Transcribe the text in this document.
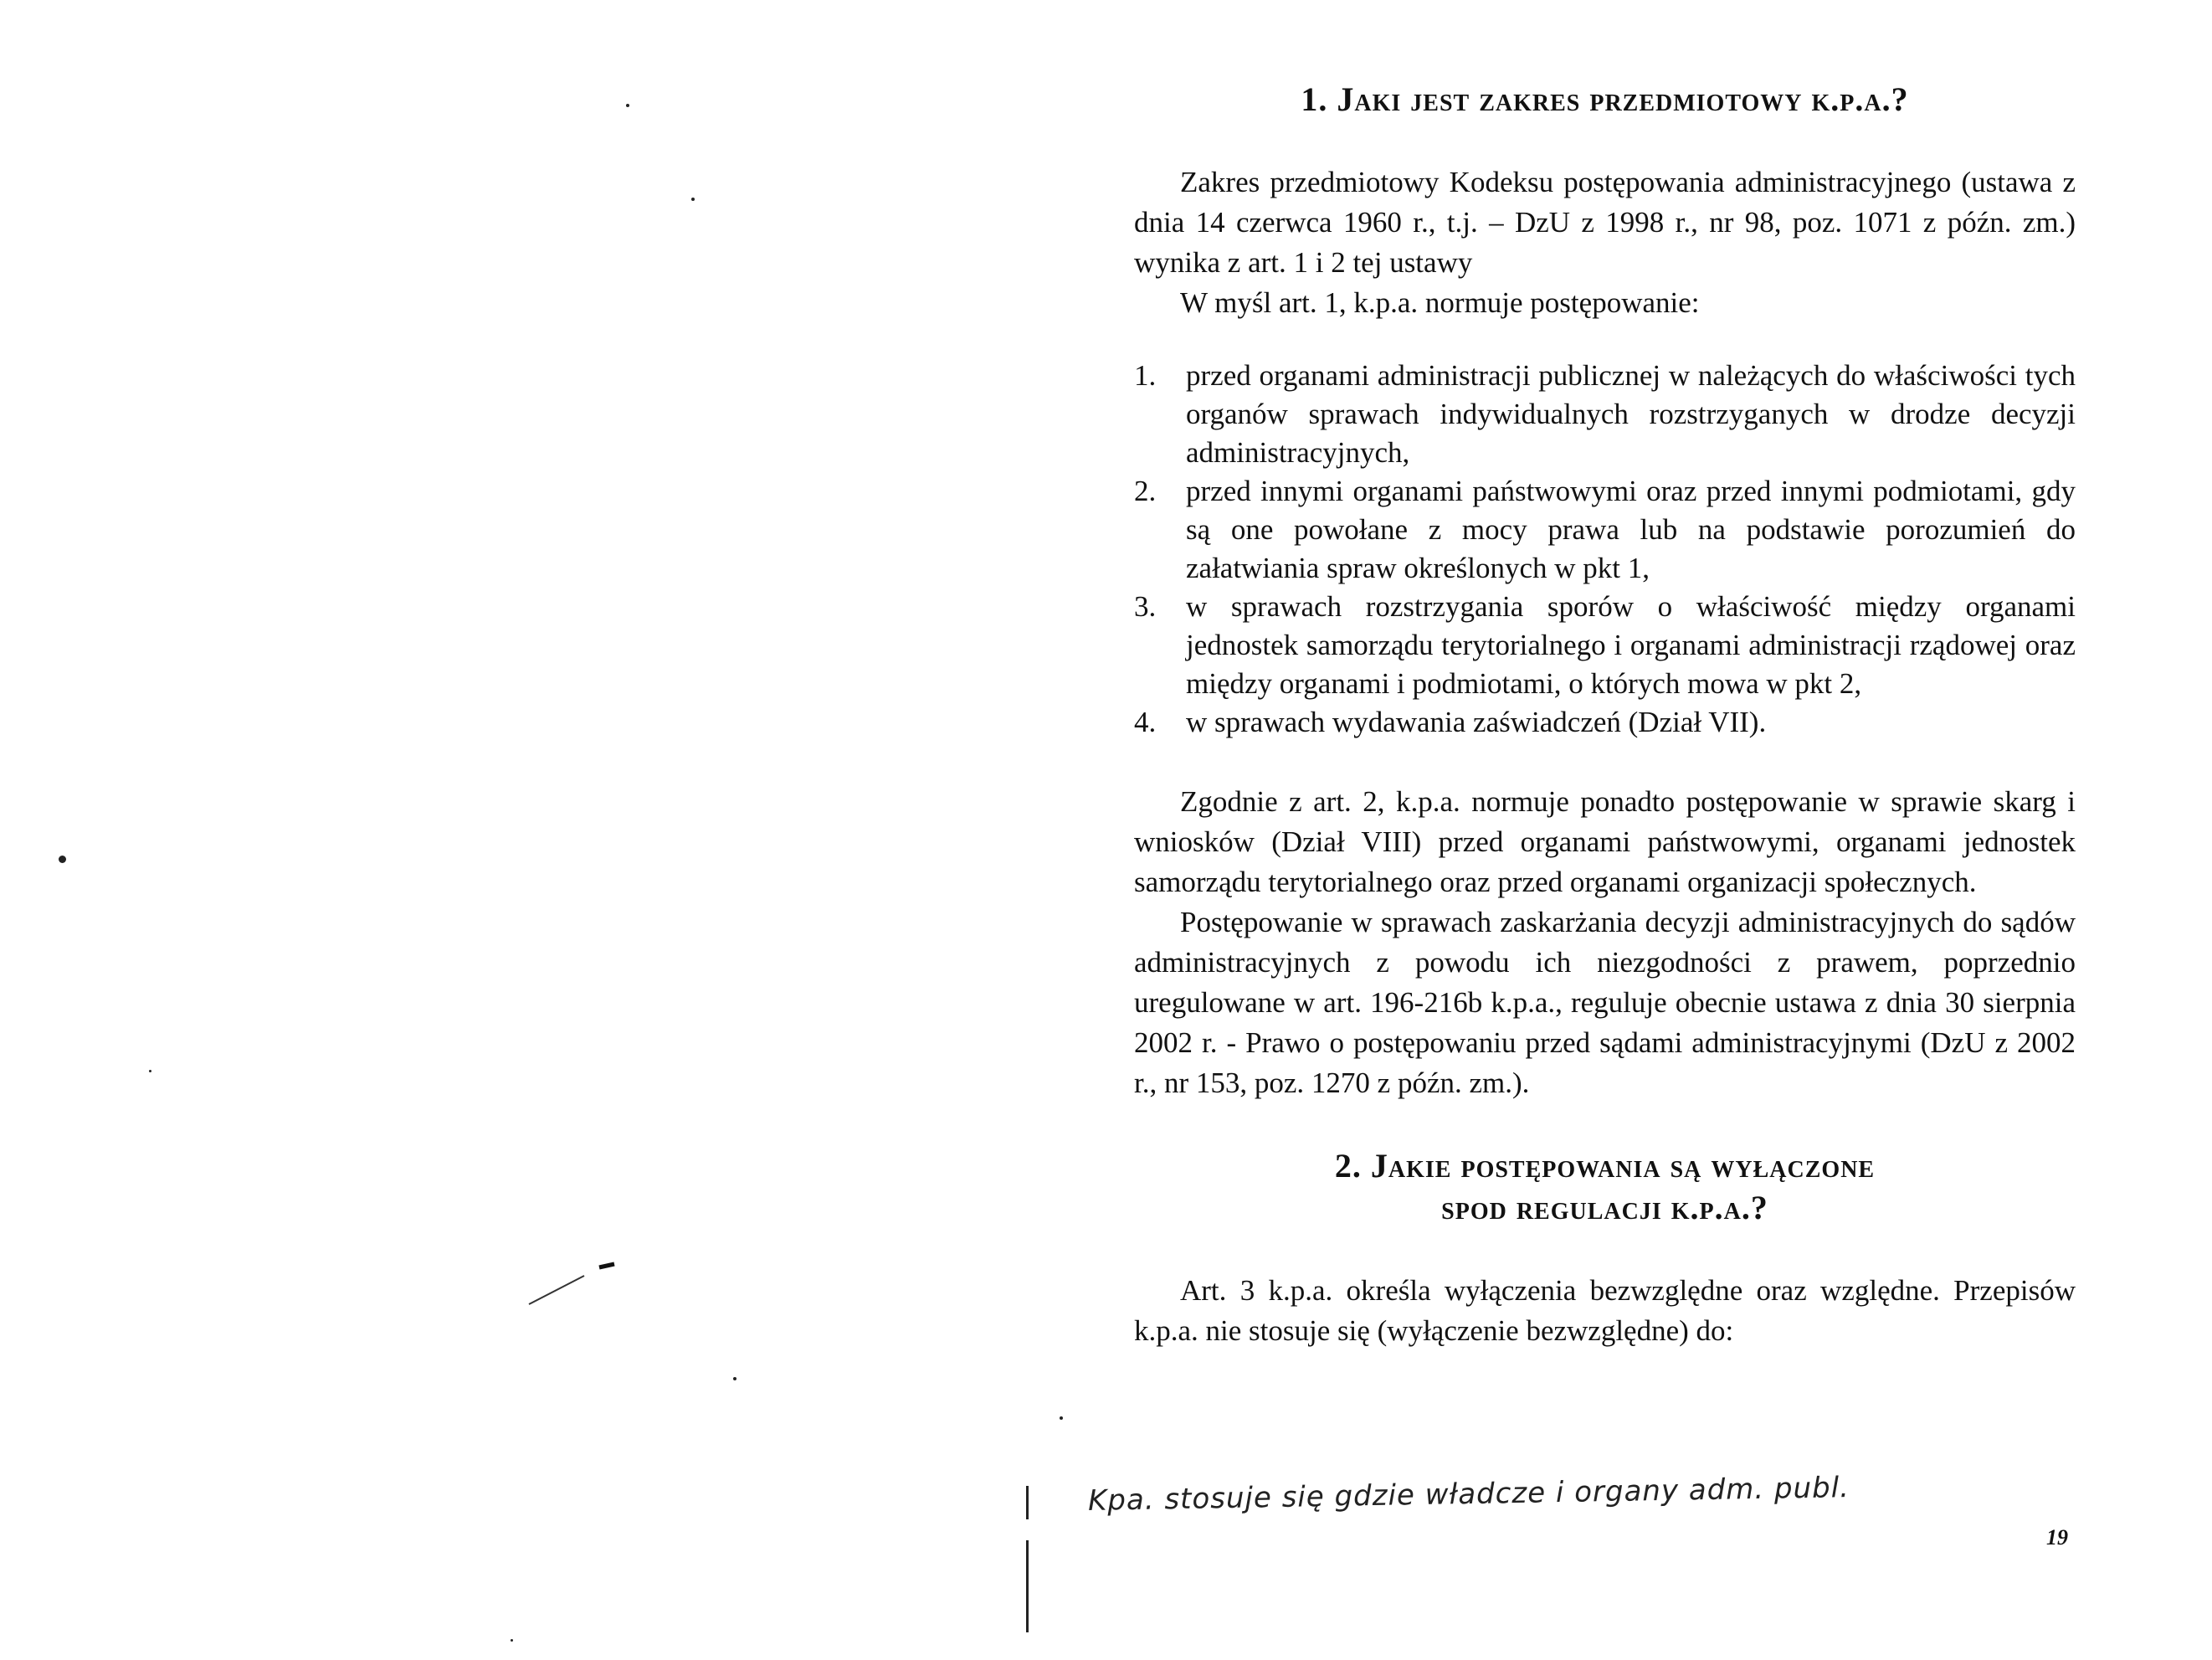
1. Jaki jest zakres przedmiotowy k.p.a.?

Zakres przedmiotowy Kodeksu postępowania administracyjnego (ustawa z dnia 14 czerwca 1960 r., t.j. – DzU z 1998 r., nr 98, poz. 1071 z późn. zm.) wynika z art. 1 i 2 tej ustawy

W myśl art. 1, k.p.a. normuje postępowanie:

1. przed organami administracji publicznej w należących do właściwości tych organów sprawach indywidualnych rozstrzyganych w drodze decyzji administracyjnych,
2. przed innymi organami państwowymi oraz przed innymi podmiotami, gdy są one powołane z mocy prawa lub na podstawie porozumień do załatwiania spraw określonych w pkt 1,
3. w sprawach rozstrzygania sporów o właściwość między organami jednostek samorządu terytorialnego i organami administracji rządowej oraz między organami i podmiotami, o których mowa w pkt 2,
4. w sprawach wydawania zaświadczeń (Dział VII).

Zgodnie z art. 2, k.p.a. normuje ponadto postępowanie w sprawie skarg i wniosków (Dział VIII) przed organami państwowymi, organami jednostek samorządu terytorialnego oraz przed organami organizacji społecznych.

Postępowanie w sprawach zaskarżania decyzji administracyjnych do sądów administracyjnych z powodu ich niezgodności z prawem, poprzednio uregulowane w art. 196-216b k.p.a., reguluje obecnie ustawa z dnia 30 sierpnia 2002 r. - Prawo o postępowaniu przed sądami administracyjnymi (DzU z 2002 r., nr 153, poz. 1270 z późn. zm.).

2. Jakie postępowania są wyłączone
spod regulacji k.p.a.?

Art. 3 k.p.a. określa wyłączenia bezwzględne oraz względne. Przepisów k.p.a. nie stosuje się (wyłączenie bezwzględne) do:

Kpa. stosuje się gdzie władcze i organy adm. publ.
19
